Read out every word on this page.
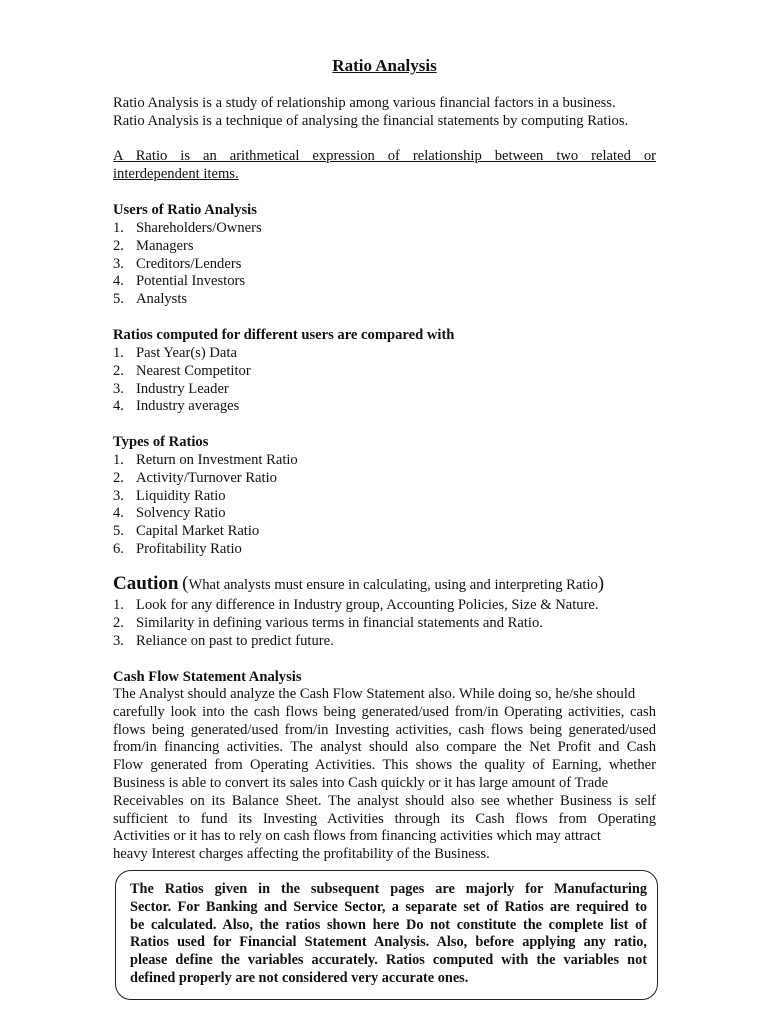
Ratio Analysis

Ratio Analysis is a study of relationship among various financial factors in a business.
Ratio Analysis is a technique of analysing the financial statements by computing Ratios.

A Ratio is an arithmetical expression of relationship between two related or
interdependent items.

Users of Ratio Analysis
1. Shareholders/Owners
2. Managers
3. Creditors/Lenders
4. Potential Investors
5. Analysts
Ratios computed for different users are compared with
1. Past Year(s) Data
2. Nearest Competitor
3. Industry Leader
4. Industry averages
Types of Ratios
1. Return on Investment Ratio
2. Activity/Turnover Ratio
3. Liquidity Ratio
4. Solvency Ratio
5. Capital Market Ratio
6. Profitability Ratio
Caution (What analysts must ensure in calculating, using and interpreting Ratio)
1. Look for any difference in Industry group, Accounting Policies, Size & Nature.
2. Similarity in defining various terms in financial statements and Ratio.
3. Reliance on past to predict future.
Cash Flow Statement Analysis

The Analyst should analyze the Cash Flow Statement also. While doing so, he/she should
carefully look into the cash flows being generated/used from/in Operating activities, cash
flows being generated/used from/in Investing activities, cash flows being generated/used
from/in financing activities. The analyst should also compare the Net Profit and Cash
Flow generated from Operating Activities. This shows the quality of Earning, whether
Business is able to convert its sales into Cash quickly or it has large amount of Trade
Receivables on its Balance Sheet. The analyst should also see whether Business is self
sufficient to fund its Investing Activities through its Cash flows from Operating
Activities or it has to rely on cash flows from financing activities which may attract
heavy Interest charges affecting the profitability of the Business.

The Ratios given in the subsequent pages are majorly for Manufacturing
Sector. For Banking and Service Sector, a separate set of Ratios are required to
be calculated. Also, the ratios shown here Do not constitute the complete list of
Ratios used for Financial Statement Analysis. Also, before applying any ratio,
please define the variables accurately. Ratios computed with the variables not
defined properly are not considered very accurate ones.
